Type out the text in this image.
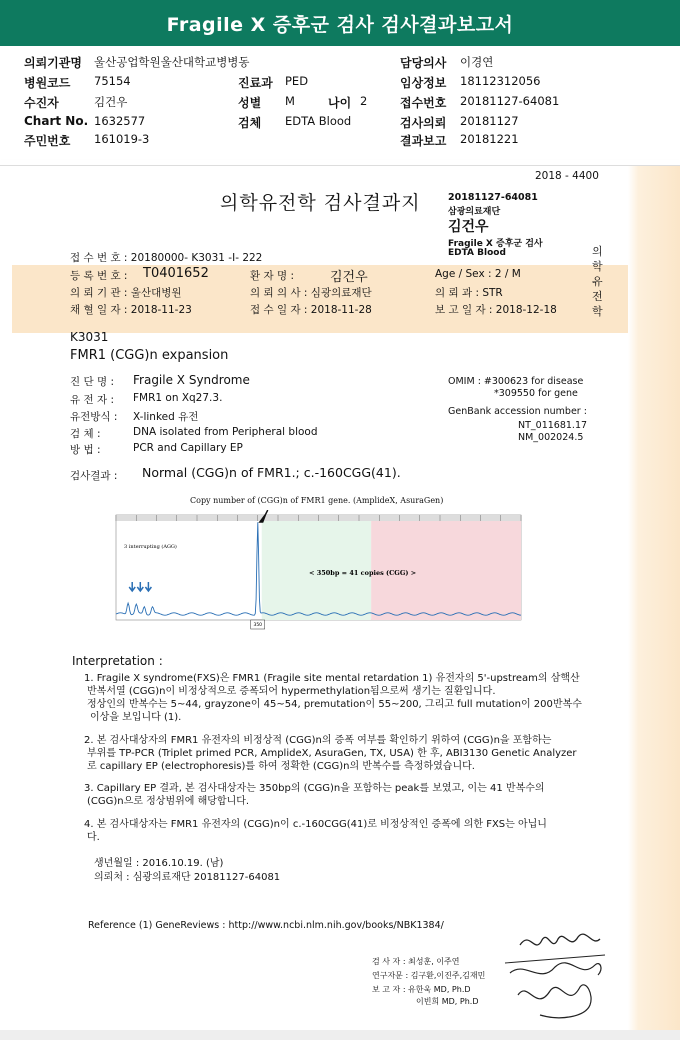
Fragile X 증후군 검사 검사결과보고서
의뢰기관명 울산공업학원울산대학교병병동	담당의사 이경연
병원코드 75154	진료과 PED	임상정보 18112312056
수진자	김건우	성별 M	나이 2	접수번호 20181127-64081
Chart No. 1632577	검체 EDTA Blood	검사의뢰 20181127
주민번호 161019-3	결과보고 20181221
2018 - 4400
의학유전학 검사결과지	20181127-64081
삼광의료재단
김건우
Fragile X 증후군 검사
EDTA Blood	의
학
유
전
학
접 수 번 호 : 20180000- K3031 -I- 222
등 록 번 호 : T0401652	환 자 명 :	김건우	Age / Sex : 2 / M
의 뢰 기 관 : 울산대병원	의 뢰 의 사 : 심광의료재단	의 뢰 과 : STR
채 혈 일 자 : 2018-11-23	접 수 일 자 : 2018-11-28	보 고 일 자 : 2018-12-18
K3031
FMR1 (CGG)n expansion
진 단 명 : Fragile X Syndrome
유 전 자 : FMR1 on Xq27.3.
유전방식 : X-linked 유전
검 체 :	DNA isolated from Peripheral blood
방 법 :	PCR and Capillary EP
OMIM : #300623 for disease
*309550 for gene
GenBank accession number :
NT_011681.17
NM_002024.5
검사결과 : Normal (CGG)n of FMR1.; c.-160CGG(41).
Copy number of (CGG)n of FMR1 gene. (AmplideX, AsuraGen)
3 interrupting (AGG)
< 350bp = 41 copies (CGG) >
350
Interpretation :
1. Fragile X syndrome(FXS)은 FMR1 (Fragile site mental retardation 1) 유전자의 5'-upstream의 삼핵산
반복서열 (CGG)n이 비정상적으로 증폭되어 hypermethylation됨으로써 생기는 질환입니다.
정상인의 반복수는 5~44, grayzone이 45~54, premutation이 55~200, 그리고 full mutation이 200반복수
이상을 보입니다 (1).
2. 본 검사대상자의 FMR1 유전자의 비정상적 (CGG)n의 증폭 여부를 확인하기 위하여 (CGG)n을 포함하는
부위를 TP-PCR (Triplet primed PCR, AmplideX, AsuraGen, TX, USA) 한 후, ABI3130 Genetic Analyzer
로 capillary EP (electrophoresis)를 하여 정확한 (CGG)n의 반복수를 측정하였습니다.
3. Capillary EP 결과, 본 검사대상자는 350bp의 (CGG)n을 포함하는 peak를 보였고, 이는 41 반복수의
(CGG)n으로 정상범위에 해당합니다.
4. 본 검사대상자는 FMR1 유전자의 (CGG)n이 c.-160CGG(41)로 비정상적인 증폭에 의한 FXS는 아닙니
다.
생년월일 : 2016.10.19. (남)
의뢰처 : 심광의료재단 20181127-64081
Reference (1) GeneReviews : http://www.ncbi.nlm.nih.gov/books/NBK1384/
검 사 자 : 최성훈, 이주연
연구자문 : 김구환,이진주,김재민
보 고 자 : 유한욱 MD, Ph.D
이빈희 MD, Ph.D
